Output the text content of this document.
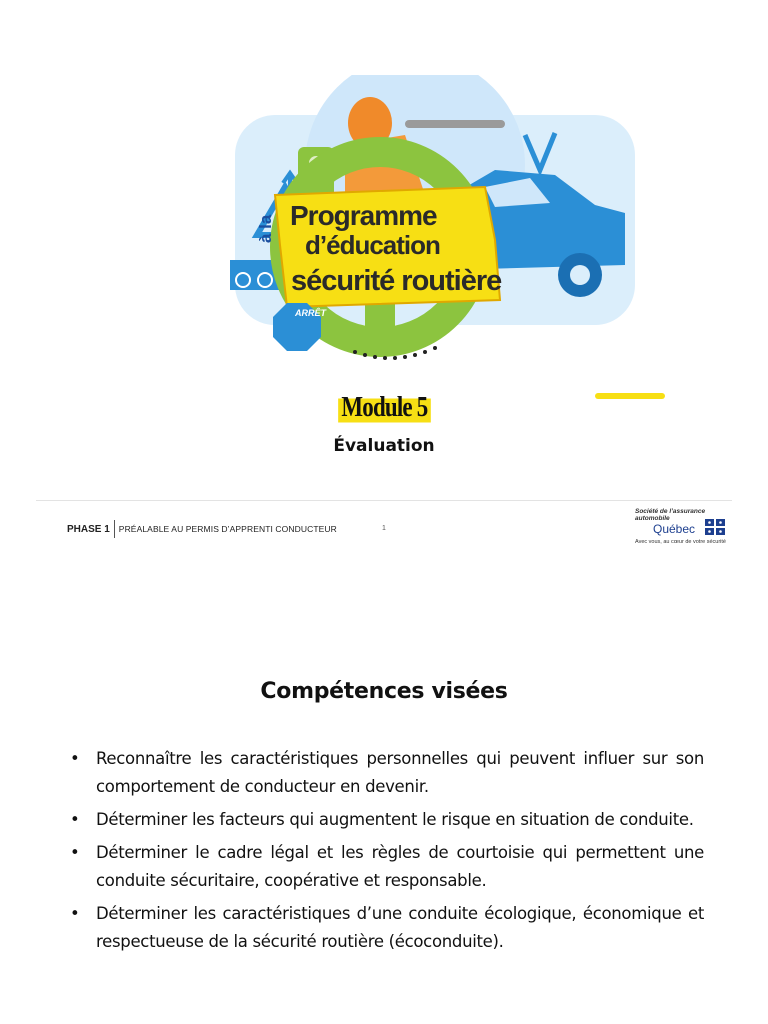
Programme
d’éducation
sécurité routière
à la
ARRÊT
Module 5
Évaluation
PHASE 1 PRÉALABLE AU PERMIS D’APPRENTI CONDUCTEUR	1
Société de l’assurance automobile
Québec
Avec vous, au cœur de votre sécurité
Compétences visées
• Reconnaître les caractéristiques personnelles qui peuvent influer sur son comportement de conducteur en devenir.
• Déterminer les facteurs qui augmentent le risque en situation de conduite.
• Déterminer le cadre légal et les règles de courtoisie qui permettent une conduite sécuritaire, coopérative et responsable.
• Déterminer les caractéristiques d’une conduite écologique, économique et respectueuse de la sécurité routière (écoconduite).
